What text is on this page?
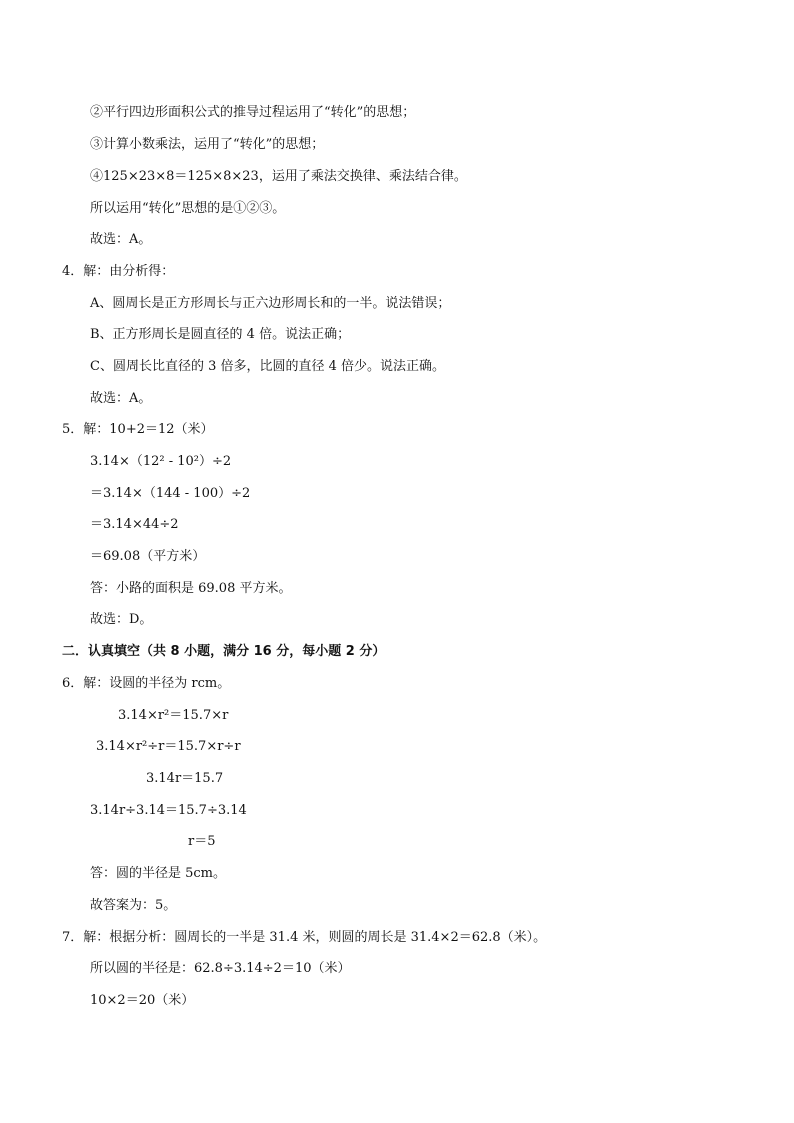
②平行四边形面积公式的推导过程运用了“转化”的思想；
③计算小数乘法，运用了“转化”的思想；
④125×23×8＝125×8×23，运用了乘法交换律、乘法结合律。
所以运用“转化”思想的是①②③。
故选：A。
4．解：由分析得：
A、圆周长是正方形周长与正六边形周长和的一半。说法错误；
B、正方形周长是圆直径的 4 倍。说法正确；
C、圆周长比直径的 3 倍多，比圆的直径 4 倍少。说法正确。
故选：A。
5．解：10+2＝12（米）
3.14×（12² - 10²）÷2
＝3.14×（144 - 100）÷2
＝3.14×44÷2
＝69.08（平方米）
答：小路的面积是 69.08 平方米。
故选：D。
二．认真填空（共 8 小题，满分 16 分，每小题 2 分）
6．解：设圆的半径为 rcm。
3.14×r²＝15.7×r
3.14×r²÷r＝15.7×r÷r
3.14r＝15.7
3.14r÷3.14＝15.7÷3.14
r＝5
答：圆的半径是 5cm。
故答案为：5。
7．解：根据分析：圆周长的一半是 31.4 米，则圆的周长是 31.4×2＝62.8（米）。
所以圆的半径是：62.8÷3.14÷2＝10（米）
10×2＝20（米）
